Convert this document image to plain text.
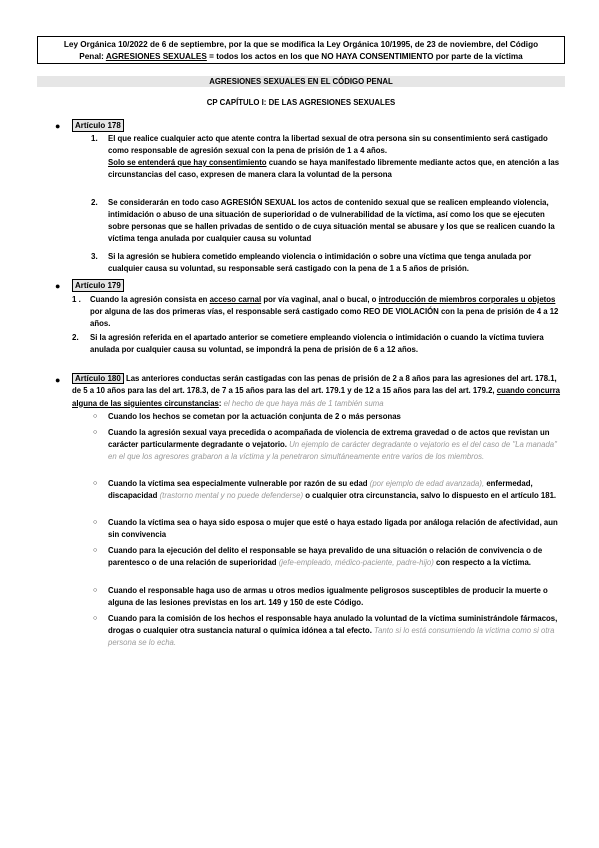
Ley Orgánica 10/2022 de 6 de septiembre, por la que se modifica la Ley Orgánica 10/1995, de 23 de noviembre, del Código
Penal: AGRESIONES SEXUALES = todos los actos en los que NO HAYA CONSENTIMIENTO por parte de la víctima
AGRESIONES SEXUALES EN EL CÓDIGO PENAL
CP CAPÍTULO I: DE LAS AGRESIONES SEXUALES
●	Artículo 178
1. El que realice cualquier acto que atente contra la libertad sexual de otra persona sin su consentimiento será castigado como responsable de agresión sexual con la pena de prisión de 1 a 4 años.
Solo se entenderá que hay consentimiento cuando se haya manifestado libremente mediante actos que, en atención a las circunstancias del caso, expresen de manera clara la voluntad de la persona
2. Se considerarán en todo caso AGRESIÓN SEXUAL los actos de contenido sexual que se realicen empleando violencia, intimidación o abuso de una situación de superioridad o de vulnerabilidad de la víctima, así como los que se ejecuten sobre personas que se hallen privadas de sentido o de cuya situación mental se abusare y los que se realicen cuando la víctima tenga anulada por cualquier causa su voluntad
3. Si la agresión se hubiera cometido empleando violencia o intimidación o sobre una víctima que tenga anulada por cualquier causa su voluntad, su responsable será castigado con la pena de 1 a 5 años de prisión.
●	Artículo 179
1 . Cuando la agresión consista en acceso carnal por vía vaginal, anal o bucal, o introducción de miembros corporales u objetos por alguna de las dos primeras vías, el responsable será castigado como REO DE VIOLACIÓN con la pena de prisión de 4 a 12 años.
2. Si la agresión referida en el apartado anterior se cometiere empleando violencia o intimidación o cuando la víctima tuviera anulada por cualquier causa su voluntad, se impondrá la pena de prisión de 6 a 12 años.
●	Artículo 180 Las anteriores conductas serán castigadas con las penas de prisión de 2 a 8 años para las agresiones del art. 178.1, de 5 a 10 años para las del art. 178.3, de 7 a 15 años para las del art. 179.1 y de 12 a 15 años para las del art. 179.2, cuando concurra alguna de las siguientes circunstancias: el hecho de que haya más de 1 también suma
○ Cuando los hechos se cometan por la actuación conjunta de 2 o más personas
○ Cuando la agresión sexual vaya precedida o acompañada de violencia de extrema gravedad o de actos que revistan un carácter particularmente degradante o vejatorio. Un ejemplo de carácter degradante o vejatorio es el del caso de "La manada" en el que los agresores grabaron a la víctima y la penetraron simultáneamente entre varios de los miembros.
○ Cuando la víctima sea especialmente vulnerable por razón de su edad (por ejemplo de edad avanzada), enfermedad, discapacidad (trastorno mental y no puede defenderse) o cualquier otra circunstancia, salvo lo dispuesto en el artículo 181.
○ Cuando la víctima sea o haya sido esposa o mujer que esté o haya estado ligada por análoga relación de afectividad, aun sin convivencia
○ Cuando para la ejecución del delito el responsable se haya prevalido de una situación o relación de convivencia o de parentesco o de una relación de superioridad (jefe-empleado, médico-paciente, padre-hijo) con respecto a la víctima.
○ Cuando el responsable haga uso de armas u otros medios igualmente peligrosos susceptibles de producir la muerte o alguna de las lesiones previstas en los art. 149 y 150 de este Código.
○ Cuando para la comisión de los hechos el responsable haya anulado la voluntad de la víctima suministrándole fármacos, drogas o cualquier otra sustancia natural o química idónea a tal efecto. Tanto si lo está consumiendo la víctima como si otra persona se lo echa.
